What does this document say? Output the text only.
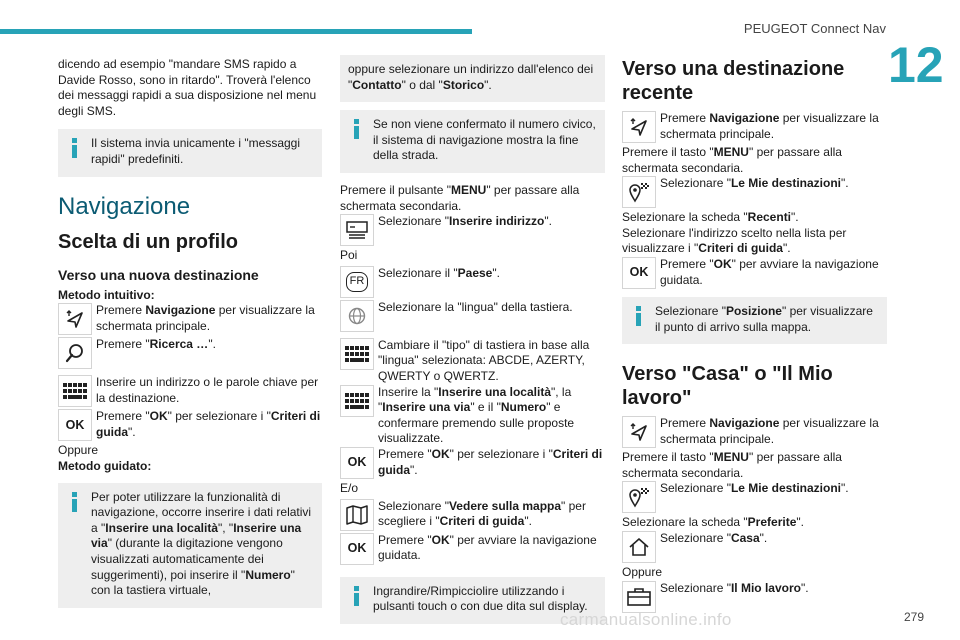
PEUGEOT Connect Nav
12

dicendo ad esempio "mandare SMS rapido a Davide Rosso, sono in ritardo". Troverà l'elenco dei messaggi rapidi a sua disposizione nel menu degli SMS.

Il sistema invia unicamente i "messaggi rapidi" predefiniti.

Navigazione

Scelta di un profilo

Verso una nuova destinazione

Metodo intuitivo:

Premere Navigazione per visualizzare la schermata principale.
Premere "Ricerca …".
Inserire un indirizzo o le parole chiave per la destinazione.
OK
Premere "OK" per selezionare i "Criteri di guida".

Oppure

Metodo guidato:

Per poter utilizzare la funzionalità di navigazione, occorre inserire i dati relativi a "Inserire una località", "Inserire una via" (durante la digitazione vengono visualizzati automaticamente dei suggerimenti), poi inserire il "Numero" con la tastiera virtuale,
oppure selezionare un indirizzo dall'elenco dei "Contatto" o dal "Storico".
Se non viene confermato il numero civico, il sistema di navigazione mostra la fine della strada.

Premere il pulsante "MENU" per passare alla schermata secondaria.

Selezionare "Inserire indirizzo".

Poi

FR
Selezionare il "Paese".
Selezionare la "lingua" della tastiera.
Cambiare il "tipo" di tastiera in base alla "lingua" selezionata: ABCDE, AZERTY, QWERTY o QWERTZ.
Inserire la "Inserire una località", la "Inserire una via" e il "Numero" e confermare premendo sulle proposte visualizzate.
OK
Premere "OK" per selezionare i "Criteri di guida".

E/o

Selezionare "Vedere sulla mappa" per scegliere i "Criteri di guida".
OK
Premere "OK" per avviare la navigazione guidata.
Ingrandire/Rimpicciolire utilizzando i pulsanti touch o con due dita sul display.

Verso una destinazione recente

Premere Navigazione per visualizzare la schermata principale.

Premere il tasto "MENU" per passare alla schermata secondaria.

Selezionare "Le Mie destinazioni".

Selezionare la scheda "Recenti".

Selezionare l'indirizzo scelto nella lista per visualizzare i "Criteri di guida".

OK
Premere "OK" per avviare la navigazione guidata.
Selezionare "Posizione" per visualizzare il punto di arrivo sulla mappa.

Verso "Casa" o "Il Mio lavoro"

Premere Navigazione per visualizzare la schermata principale.

Premere il tasto "MENU" per passare alla schermata secondaria.

Selezionare "Le Mie destinazioni".

Selezionare la scheda "Preferite".

Selezionare "Casa".

Oppure

Selezionare "Il Mio lavoro".
carmanualsonline.info	279
